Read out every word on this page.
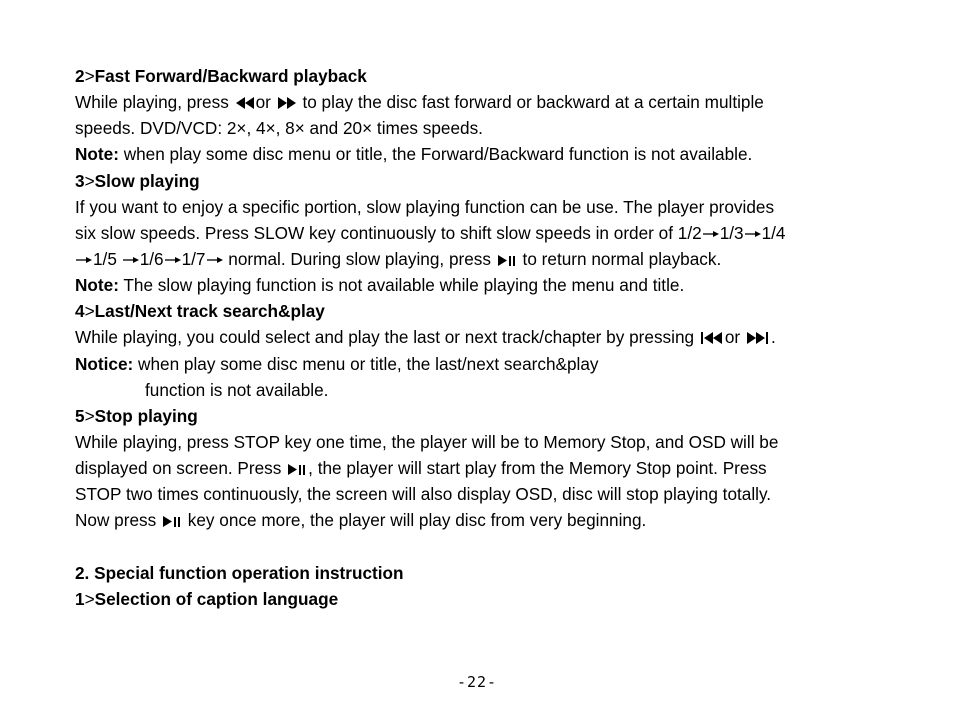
2>Fast Forward/Backward playback
While playing, press or to play the disc fast forward or backward at a certain multiple
speeds. DVD/VCD: 2×, 4×, 8× and 20× times speeds.
Note: when play some disc menu or title, the Forward/Backward function is not available.
3>Slow playing
If you want to enjoy a specific portion, slow playing function can be use. The player provides
six slow speeds. Press SLOW key continuously to shift slow speeds in order of 1/2 1/3 1/4
1/5 1/6 1/7 normal. During slow playing, press to return normal playback.
Note: The slow playing function is not available while playing the menu and title.
4>Last/Next track search&play
While playing, you could select and play the last or next track/chapter by pressing or .
Notice: when play some disc menu or title, the last/next search&play
function is not available.
5>Stop playing
While playing, press STOP key one time, the player will be to Memory Stop, and OSD will be
displayed on screen. Press , the player will start play from the Memory Stop point. Press
STOP two times continuously, the screen will also display OSD, disc will stop playing totally.
Now press key once more, the player will play disc from very beginning.
2. Special function operation instruction
1>Selection of caption language
-22-
